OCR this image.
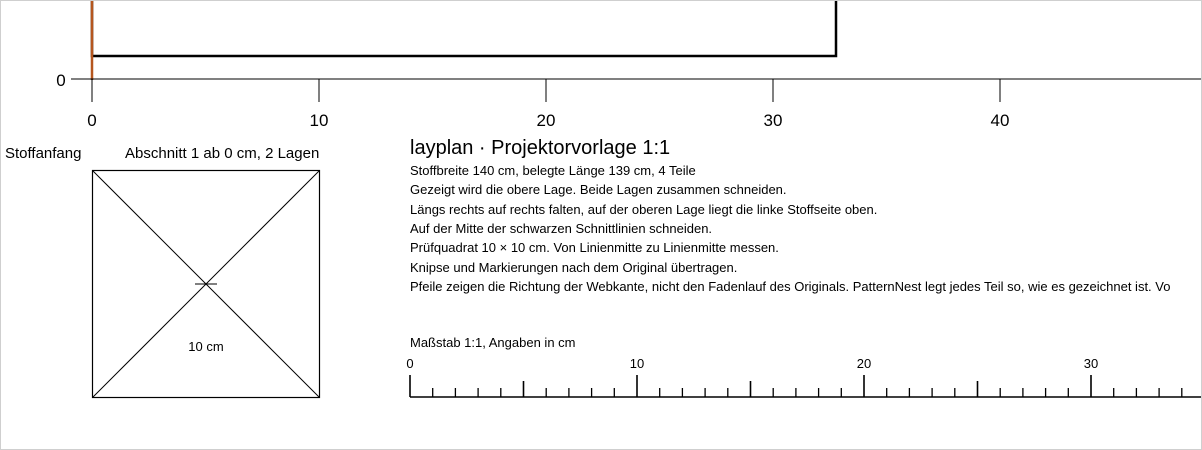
0
0	10	20	30	40
Stoffanfang	Abschnitt 1 ab 0 cm, 2 Lagen
10 cm	Maßstab 1:1, Angaben in cm
0	10	20	30
layplan · Projektorvorlage 1:1
Stoffbreite 140 cm, belegte Länge 139 cm, 4 Teile
Gezeigt wird die obere Lage. Beide Lagen zusammen schneiden.
Längs rechts auf rechts falten, auf der oberen Lage liegt die linke Stoffseite oben.
Auf der Mitte der schwarzen Schnittlinien schneiden.
Prüfquadrat 10 × 10 cm. Von Linienmitte zu Linienmitte messen.
Knipse und Markierungen nach dem Original übertragen.
Pfeile zeigen die Richtung der Webkante, nicht den Fadenlauf des Originals. PatternNest legt jedes Teil so, wie es gezeichnet ist. Vo
